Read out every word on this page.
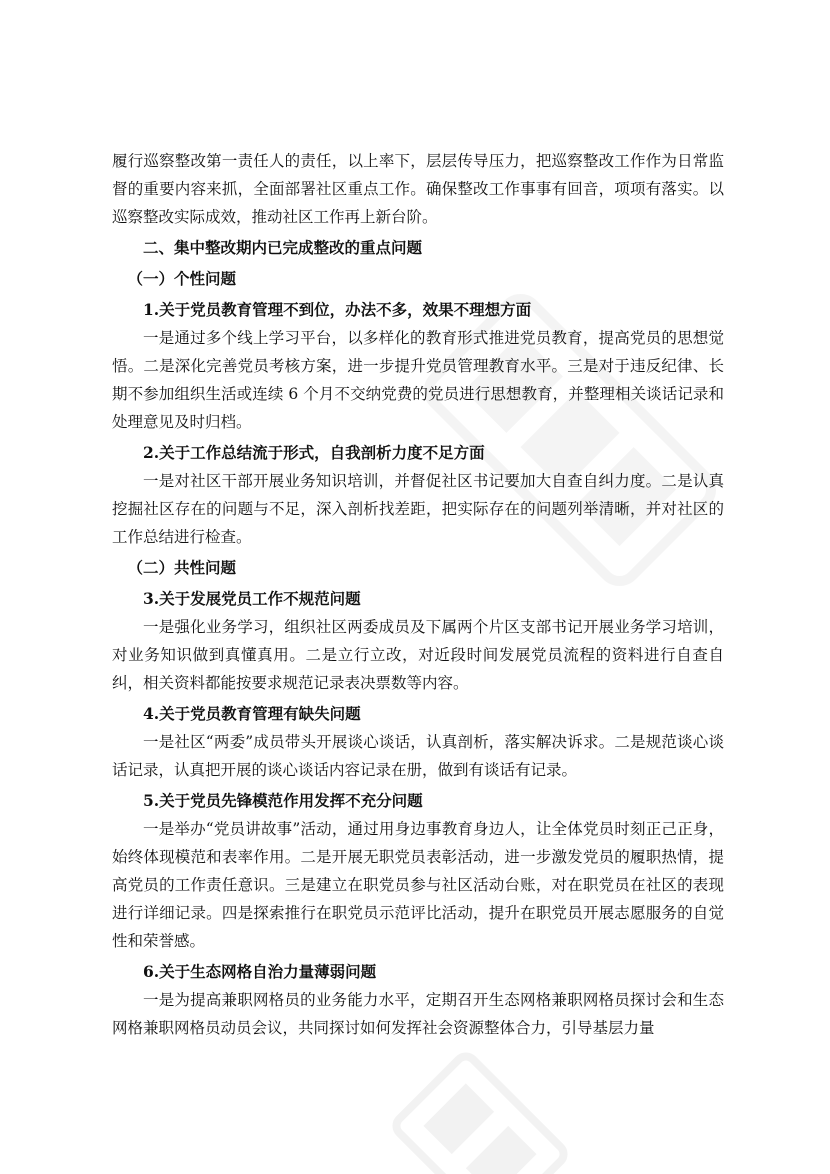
履行巡察整改第一责任人的责任，以上率下，层层传导压力，把巡察整改工作作为日常监督的重要内容来抓，全面部署社区重点工作。确保整改工作事事有回音，项项有落实。以巡察整改实际成效，推动社区工作再上新台阶。

二、集中整改期内已完成整改的重点问题

（一）个性问题

1.关于党员教育管理不到位，办法不多，效果不理想方面

一是通过多个线上学习平台，以多样化的教育形式推进党员教育，提高党员的思想觉悟。二是深化完善党员考核方案，进一步提升党员管理教育水平。三是对于违反纪律、长期不参加组织生活或连续 6 个月不交纳党费的党员进行思想教育，并整理相关谈话记录和处理意见及时归档。

2.关于工作总结流于形式，自我剖析力度不足方面

一是对社区干部开展业务知识培训，并督促社区书记要加大自查自纠力度。二是认真挖掘社区存在的问题与不足，深入剖析找差距，把实际存在的问题列举清晰，并对社区的工作总结进行检查。

（二）共性问题

3.关于发展党员工作不规范问题

一是强化业务学习，组织社区两委成员及下属两个片区支部书记开展业务学习培训，对业务知识做到真懂真用。二是立行立改，对近段时间发展党员流程的资料进行自查自纠，相关资料都能按要求规范记录表决票数等内容。

4.关于党员教育管理有缺失问题

一是社区“两委”成员带头开展谈心谈话，认真剖析，落实解决诉求。二是规范谈心谈话记录，认真把开展的谈心谈话内容记录在册，做到有谈话有记录。

5.关于党员先锋模范作用发挥不充分问题

一是举办“党员讲故事”活动，通过用身边事教育身边人，让全体党员时刻正己正身，始终体现模范和表率作用。二是开展无职党员表彰活动，进一步激发党员的履职热情，提高党员的工作责任意识。三是建立在职党员参与社区活动台账，对在职党员在社区的表现进行详细记录。四是探索推行在职党员示范评比活动，提升在职党员开展志愿服务的自觉性和荣誉感。

6.关于生态网格自治力量薄弱问题

一是为提高兼职网格员的业务能力水平，定期召开生态网格兼职网格员探讨会和生态网格兼职网格员动员会议，共同探讨如何发挥社会资源整体合力，引导基层力量
